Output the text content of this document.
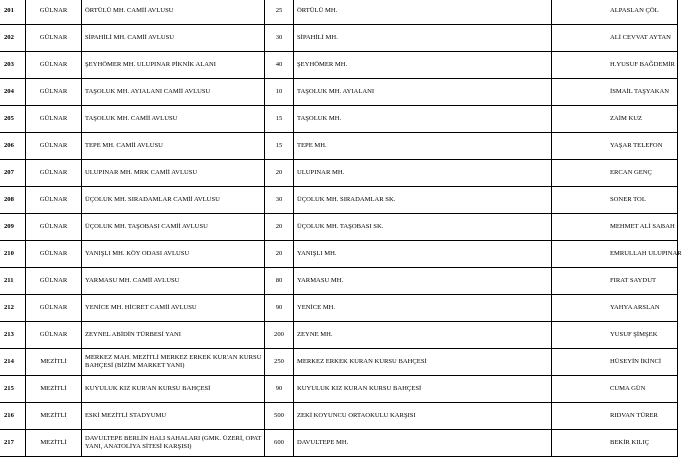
201	GÜLNAR	ÖRTÜLÜ MH. CAMİİ AVLUSU	25	ÖRTÜLÜ MH.	ALPASLAN ÇÖL
202	GÜLNAR	SİPAHİLİ MH. CAMİİ AVLUSU	30	SİPAHİLİ MH.	ALİ CEVVAT AYTAN
203	GÜLNAR	ŞEYHÖMER MH. ULUPINAR PİKNİK ALANI	40	ŞEYHÖMER MH.	H.YUSUF BAĞDEMİR
204	GÜLNAR	TAŞOLUK MH. AYIALANI CAMİİ AVLUSU	10	TAŞOLUK MH. AYIALANI	İSMAİL TAŞYAKAN
205	GÜLNAR	TAŞOLUK MH. CAMİİ AVLUSU	15	TAŞOLUK MH.	ZAİM KUZ
206	GÜLNAR	TEPE MH. CAMİİ AVLUSU	15	TEPE MH.	YAŞAR TELEFON
207	GÜLNAR	ULUPINAR MH. MRK CAMİİ AVLUSU	20	ULUPINAR MH.	ERCAN GENÇ
208	GÜLNAR	ÜÇOLUK MH. SIRADAMLAR CAMİİ AVLUSU	30	ÜÇOLUK MH. SIRADAMLAR SK.	SONER TOL
209	GÜLNAR	ÜÇOLUK MH. TAŞOBASI CAMİİ AVLUSU	20	ÜÇOLUK MH. TAŞOBASI SK.	MEHMET ALİ SABAH
210	GÜLNAR	YANIŞLI MH. KÖY ODASI AVLUSU	20	YANIŞLI MH.	EMRULLAH ULUPINAR
211	GÜLNAR	YARMASU MH. CAMİİ AVLUSU	80	YARMASU MH.	FIRAT SAYDUT
212	GÜLNAR	YENİCE MH. HİCRET CAMİİ AVLUSU	90	YENİCE MH.	YAHYA ARSLAN
213	GÜLNAR	ZEYNEL ABİDİN TÜRBESİ YANI	200	ZEYNE MH.	YUSUF ŞİMŞEK
214	MEZİTLİ	MERKEZ MAH. MEZİTLİ MERKEZ ERKEK KUR'AN KURSU BAHÇESİ (BİZİM MARKET YANI)	250	MERKEZ ERKEK KURAN KURSU BAHÇESİ	HÜSEYİN İKİNCİ
215	MEZİTLİ	KUYULUK KIZ KUR'AN KURSU BAHÇESİ	90	KUYULUK KIZ KURAN KURSU BAHÇESİ	CUMA GÜN
216	MEZİTLİ	ESKİ MEZİTLİ STADYUMU	500	ZEKİ KOYUNCU ORTAOKULU KARŞISI	RIDVAN TÜRER
217	MEZİTLİ	DAVULTEPE BERLİN HALI SAHALARI (GMK. ÜZERİ, OPAT YANI, ANATOLİYA SİTESİ KARŞISI)	600	DAVULTEPE MH.	BEKİR KILIÇ
